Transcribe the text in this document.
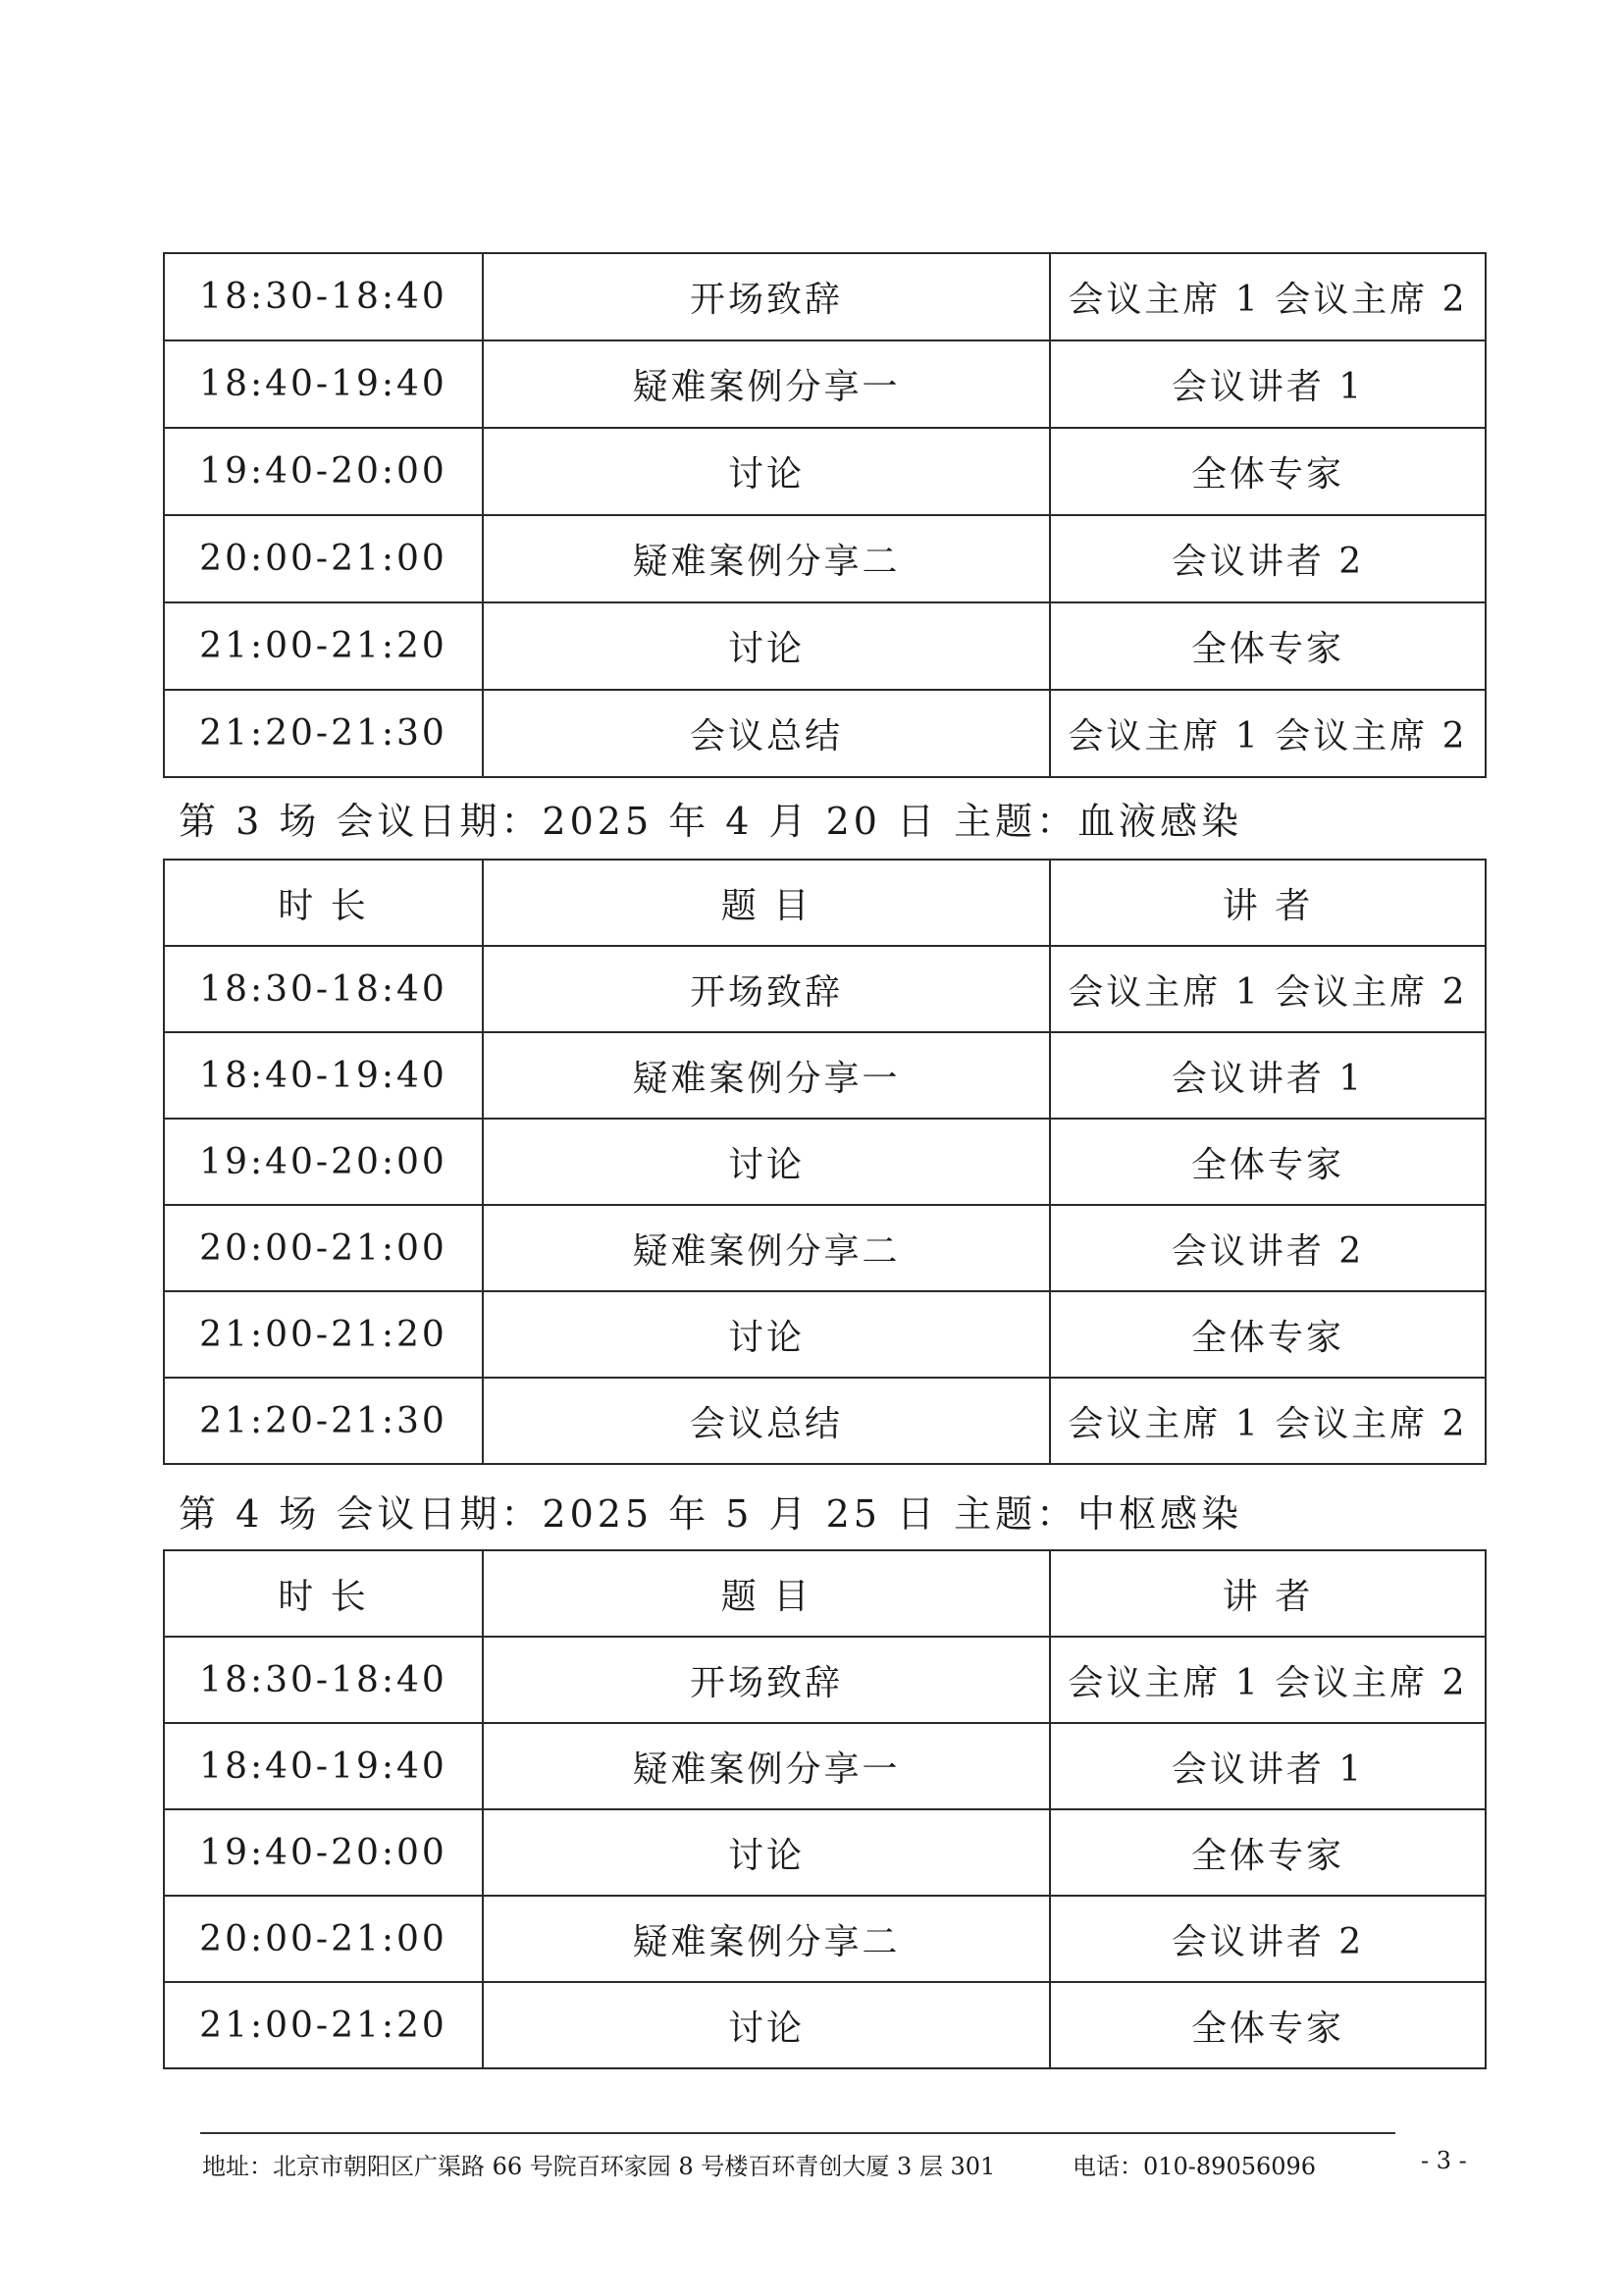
18:30-18:40	开场致辞	会议主席 1 会议主席 2
18:40-19:40	疑难案例分享一	会议讲者 1
19:40-20:00	讨论	全体专家
20:00-21:00	疑难案例分享二	会议讲者 2
21:00-21:20	讨论	全体专家
21:20-21:30	会议总结	会议主席 1 会议主席 2
第 3 场 会议日期：2025 年 4 月 20 日 主题：血液感染
时 长	题 目	讲 者
18:30-18:40	开场致辞	会议主席 1 会议主席 2
18:40-19:40	疑难案例分享一	会议讲者 1
19:40-20:00	讨论	全体专家
20:00-21:00	疑难案例分享二	会议讲者 2
21:00-21:20	讨论	全体专家
21:20-21:30	会议总结	会议主席 1 会议主席 2
第 4 场 会议日期：2025 年 5 月 25 日 主题：中枢感染
时 长	题 目	讲 者
18:30-18:40	开场致辞	会议主席 1 会议主席 2
18:40-19:40	疑难案例分享一	会议讲者 1
19:40-20:00	讨论	全体专家
20:00-21:00	疑难案例分享二	会议讲者 2
21:00-21:20	讨论	全体专家
地址：北京市朝阳区广渠路 66 号院百环家园 8 号楼百环青创大厦 3 层 301	电话：010-89056096	- 3 -
